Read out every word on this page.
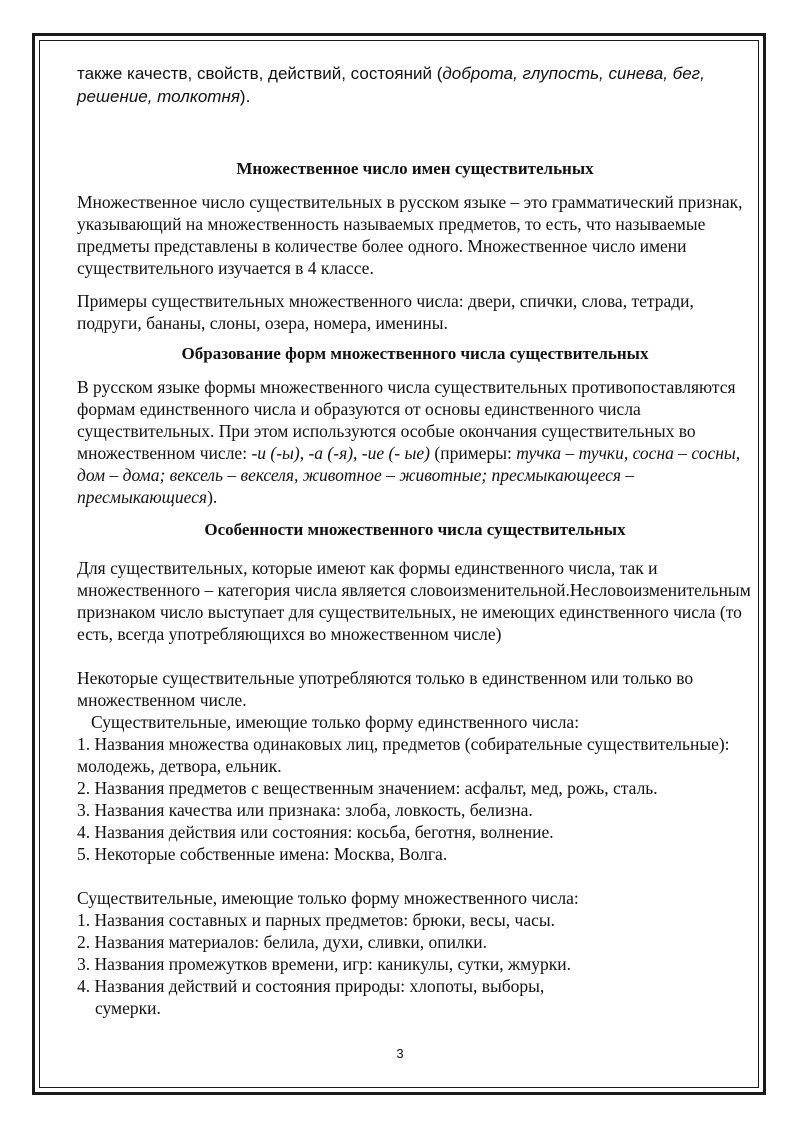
также качеств, свойств, действий, состояний (доброта, глупость, синева, бег, решение, толкотня).

Множественное число имен существительных

Множественное число существительных в русском языке – это грамматический признак, указывающий на множественность называемых предметов, то есть, что называемые предметы представлены в количестве более одного. Множественное число имени существительного изучается в 4 классе.

Примеры существительных множественного числа: двери, спички, слова, тетради, подруги, бананы, слоны, озера, номера, именины.

Образование форм множественного числа существительных

В русском языке формы множественного числа существительных противопоставляются формам единственного числа и образуются от основы единственного числа существительных. При этом используются особые окончания существительных во множественном числе: -и (-ы), -а (-я), -ие (- ые) (примеры: тучка – тучки, сосна – сосны, дом – дома; вексель – векселя, животное – животные; пресмыкающееся – пресмыкающиеся).

Особенности множественного числа существительных

Для существительных, которые имеют как формы единственного числа, так и множественного – категория числа является словоизменительной.Несловоизменительным признаком число выступает для существительных, не имеющих единственного числа (то есть, всегда употребляющихся во множественном числе)

Некоторые существительные употребляются только в единственном или только во множественном числе.

Существительные, имеющие только форму единственного числа:

1. Названия множества одинаковых лиц, предметов (собирательные существительные): молодежь, детвора, ельник.

2. Названия предметов с вещественным значением: асфальт, мед, рожь, сталь.

3. Названия качества или признака: злоба, ловкость, белизна.

4. Названия действия или состояния: косьба, беготня, волнение.

5. Некоторые собственные имена: Москва, Волга.

Существительные, имеющие только форму множественного числа:

1. Названия составных и парных предметов: брюки, весы, часы.

2. Названия материалов: белила, духи, сливки, опилки.

3. Названия промежутков времени, игр: каникулы, сутки, жмурки.

4. Названия действий и состояния природы: хлопоты, выборы,

сумерки.

3
